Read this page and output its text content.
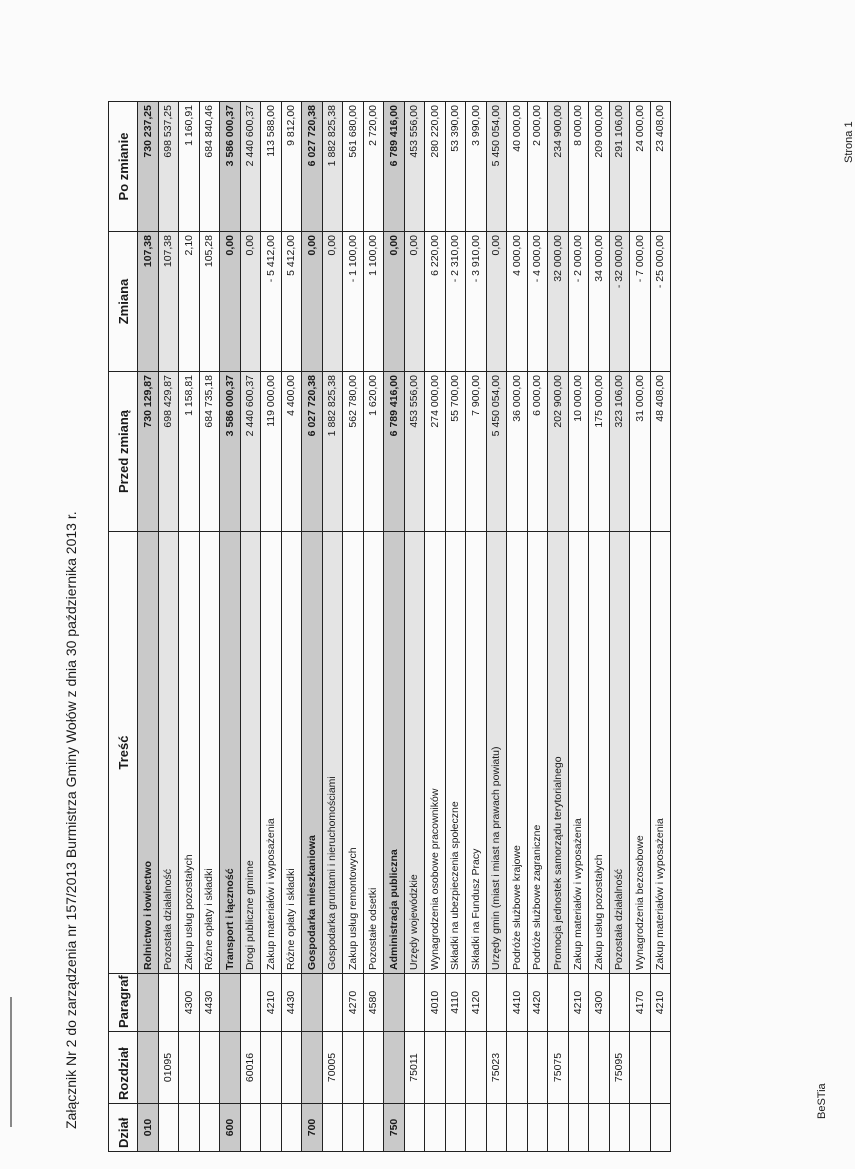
Załącznik Nr 2 do zarządzenia nr 157/2013 Burmistrza Gminy Wołów z dnia 30 października 2013 r.
Dział	Rozdział	Paragraf	Treść	Przed zmianą	Zmiana	Po zmianie
010			Rolnictwo i łowiectwo	730 129,87	107,38	730 237,25
	01095		Pozostała działalność	698 429,87	107,38	698 537,25
		4300	Zakup usług pozostałych	1 158,81	2,10	1 160,91
		4430	Różne opłaty i składki	684 735,18	105,28	684 840,46
600			Transport i łączność	3 586 000,37	0,00	3 586 000,37
	60016		Drogi publiczne gminne	2 440 600,37	0,00	2 440 600,37
		4210	Zakup materiałów i wyposażenia	119 000,00	- 5 412,00	113 588,00
		4430	Różne opłaty i składki	4 400,00	5 412,00	9 812,00
700			Gospodarka mieszkaniowa	6 027 720,38	0,00	6 027 720,38
	70005		Gospodarka gruntami i nieruchomościami	1 882 825,38	0,00	1 882 825,38
		4270	Zakup usług remontowych	562 780,00	- 1 100,00	561 680,00
		4580	Pozostałe odsetki	1 620,00	1 100,00	2 720,00
750			Administracja publiczna	6 789 416,00	0,00	6 789 416,00
	75011		Urzędy wojewódzkie	453 556,00	0,00	453 556,00
		4010	Wynagrodzenia osobowe pracowników	274 000,00	6 220,00	280 220,00
		4110	Składki na ubezpieczenia społeczne	55 700,00	- 2 310,00	53 390,00
		4120	Składki na Fundusz Pracy	7 900,00	- 3 910,00	3 990,00
	75023		Urzędy gmin (miast i miast na prawach powiatu)	5 450 054,00	0,00	5 450 054,00
		4410	Podróże służbowe krajowe	36 000,00	4 000,00	40 000,00
		4420	Podróże służbowe zagraniczne	6 000,00	- 4 000,00	2 000,00
	75075		Promocja jednostek samorządu terytorialnego	202 900,00	32 000,00	234 900,00
		4210	Zakup materiałów i wyposażenia	10 000,00	- 2 000,00	8 000,00
		4300	Zakup usług pozostałych	175 000,00	34 000,00	209 000,00
	75095		Pozostała działalność	323 106,00	- 32 000,00	291 106,00
		4170	Wynagrodzenia bezosobowe	31 000,00	- 7 000,00	24 000,00
		4210	Zakup materiałów i wyposażenia	48 408,00	- 25 000,00	23 408,00
BeSTia
Strona 1
